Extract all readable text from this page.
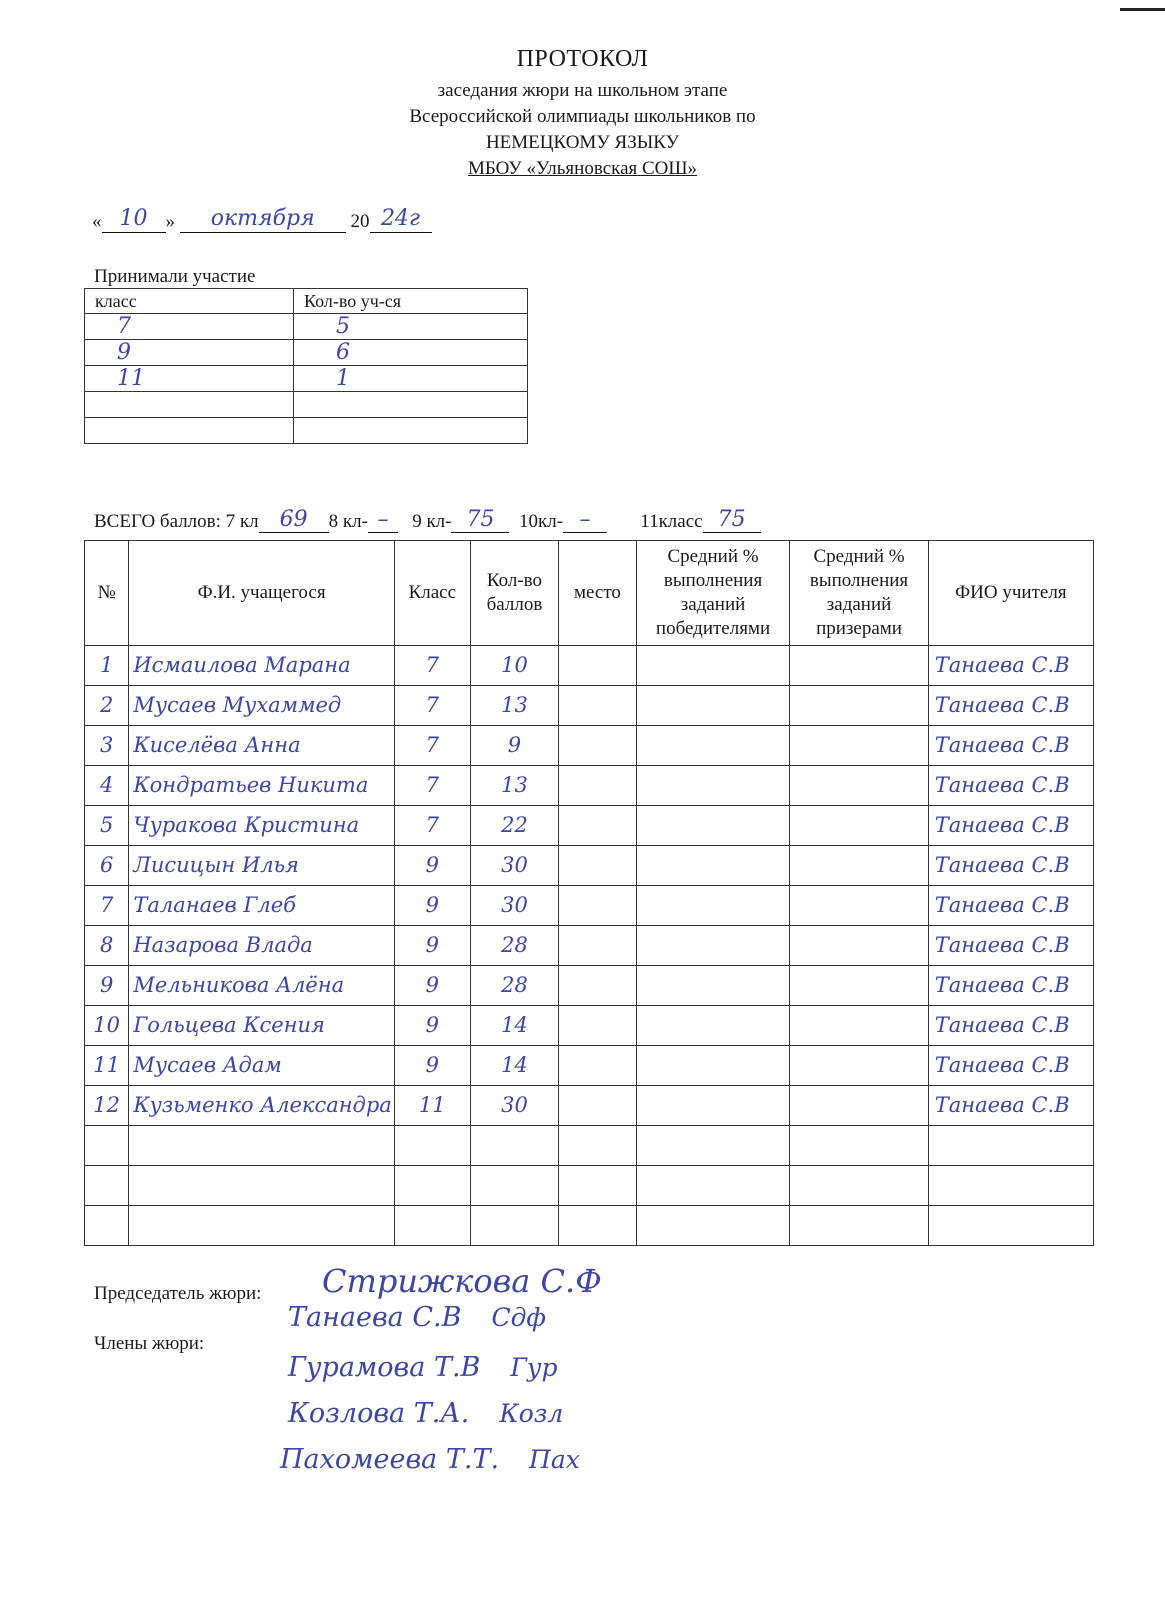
ПРОТОКОЛ
заседания жюри на школьном этапе
Всероссийской олимпиады школьников по
НЕМЕЦКОМУ ЯЗЫКУ
МБОУ «Ульяновская СОШ»
« 10 » октября 20 24г
Принимали участие
класс	Кол-во уч-ся
7	5
9	6
11	1

ВСЕГО баллов: 7 кл 69 8 кл- – 9 кл- 75 10кл- –	11класс 75
№	Ф.И. учащегося	Класс	Кол-во баллов	место	Средний % выполнения заданий победителями	Средний % выполнения заданий призерами	ФИО учителя
1	Исмаилова Марана	7	10				Танаева С.В
2	Мусаев Мухаммед	7	13				Танаева С.В
3	Киселёва Анна	7	9				Танаева С.В
4	Кондратьев Никита	7	13				Танаева С.В
5	Чуракова Кристина	7	22				Танаева С.В
6	Лисицын Илья	9	30				Танаева С.В
7	Таланаев Глеб	9	30				Танаева С.В
8	Назарова Влада	9	28				Танаева С.В
9	Мельникова Алёна	9	28				Танаева С.В
10	Гольцева Ксения	9	14				Танаева С.В
11	Мусаев Адам	9	14				Танаева С.В
12	Кузьменко Александра	11	30				Танаева С.В

Председатель жюри: Стрижкова С.Ф
Члены жюри:
Танаева С.В Сдф
Гурамова Т.В Гур
Козлова Т.А. Козл
Пахомеева Т.Т. Пах
